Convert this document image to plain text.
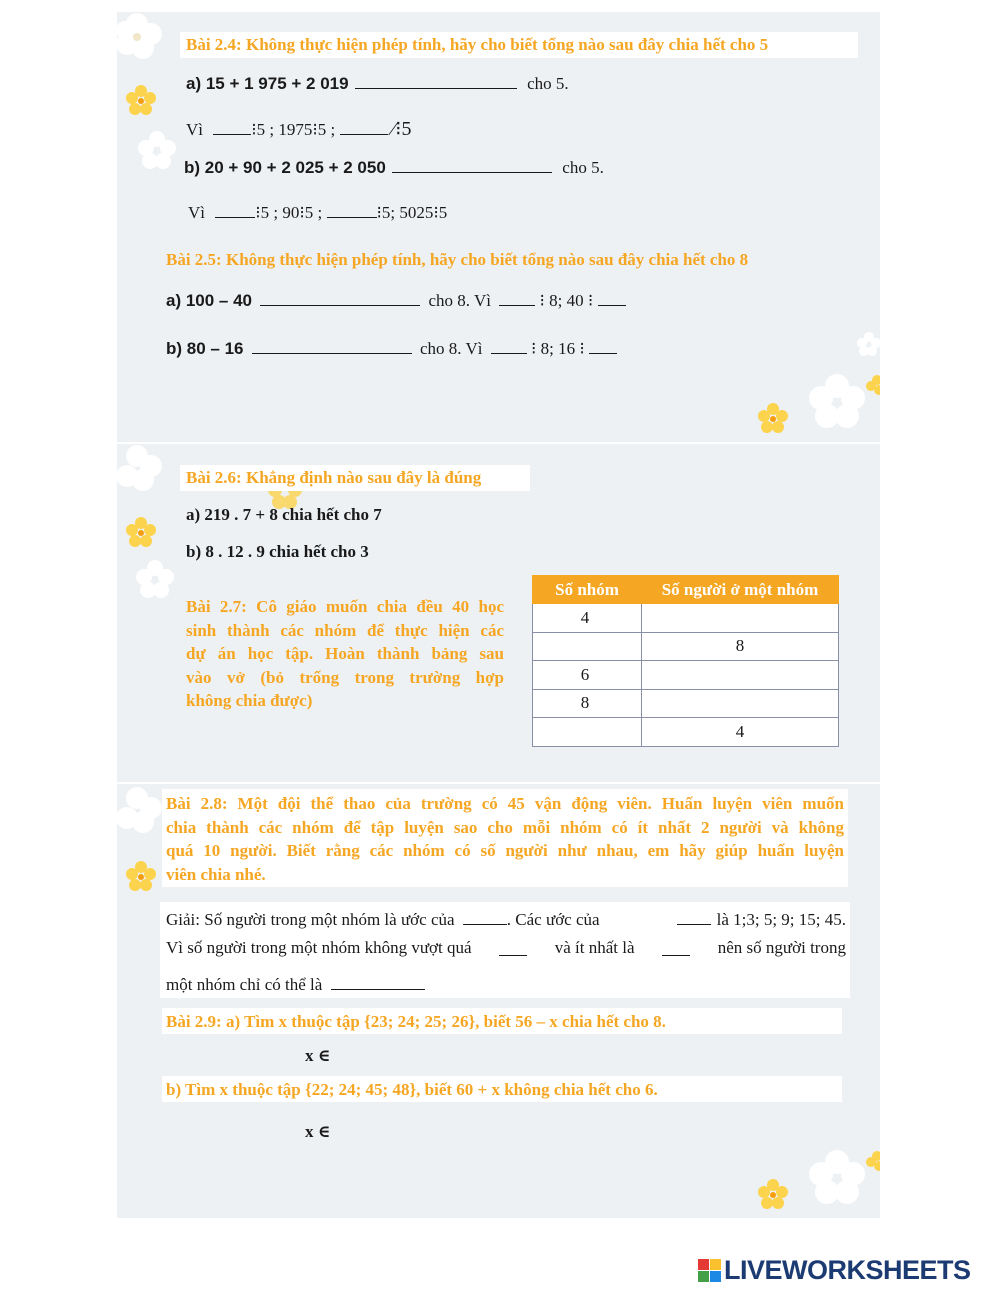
Bài 2.4: Không thực hiện phép tính, hãy cho biết tổng nào sau đây chia hết cho 5
a) 15 + 1 975 + 2 019	cho 5.
Vì	⁝5 ; 1975⁝5 ;	⁄⁝5
b) 20 + 90 + 2 025 + 2 050	cho 5.
Vì	⁝5 ; 90⁝5 ;	⁝5; 5025⁝5
Bài 2.5: Không thực hiện phép tính, hãy cho biết tổng nào sau đây chia hết cho 8
a) 100 – 40	cho 8. Vì	⁝ 8; 40 ⁝
b) 80 – 16	cho 8. Vì	⁝ 8; 16 ⁝
Bài 2.6: Khẳng định nào sau đây là đúng
a) 219 . 7 + 8 chia hết cho 7
b) 8 . 12 . 9 chia hết cho 3
Bài 2.7: Cô giáo muốn chia đều 40 học
sinh thành các nhóm để thực hiện các
dự án học tập. Hoàn thành bảng sau
vào vở (bỏ trống trong trường hợp
không chia được)
Số nhóm	Số người ở một nhóm
4	
	8
6	
8	
	4
Bài 2.8: Một đội thể thao của trường có 45 vận động viên. Huấn luyện viên muốn
chia thành các nhóm để tập luyện sao cho mỗi nhóm có ít nhất 2 người và không
quá 10 người. Biết rằng các nhóm có số người như nhau, em hãy giúp huấn luyện
viên chia nhé.
Giải: Số người trong một nhóm là ước của	. Các ước của	là 1;3; 5; 9; 15; 45.
Vì số người trong một nhóm không vượt quá	và ít nhất là	nên số người trong
một nhóm chỉ có thể là
Bài 2.9: a) Tìm x thuộc tập {23; 24; 25; 26}, biết 56 – x chia hết cho 8.
x ∈
b) Tìm x thuộc tập {22; 24; 45; 48}, biết 60 + x không chia hết cho 6.
x ∈
LIVEWORKSHEETS
